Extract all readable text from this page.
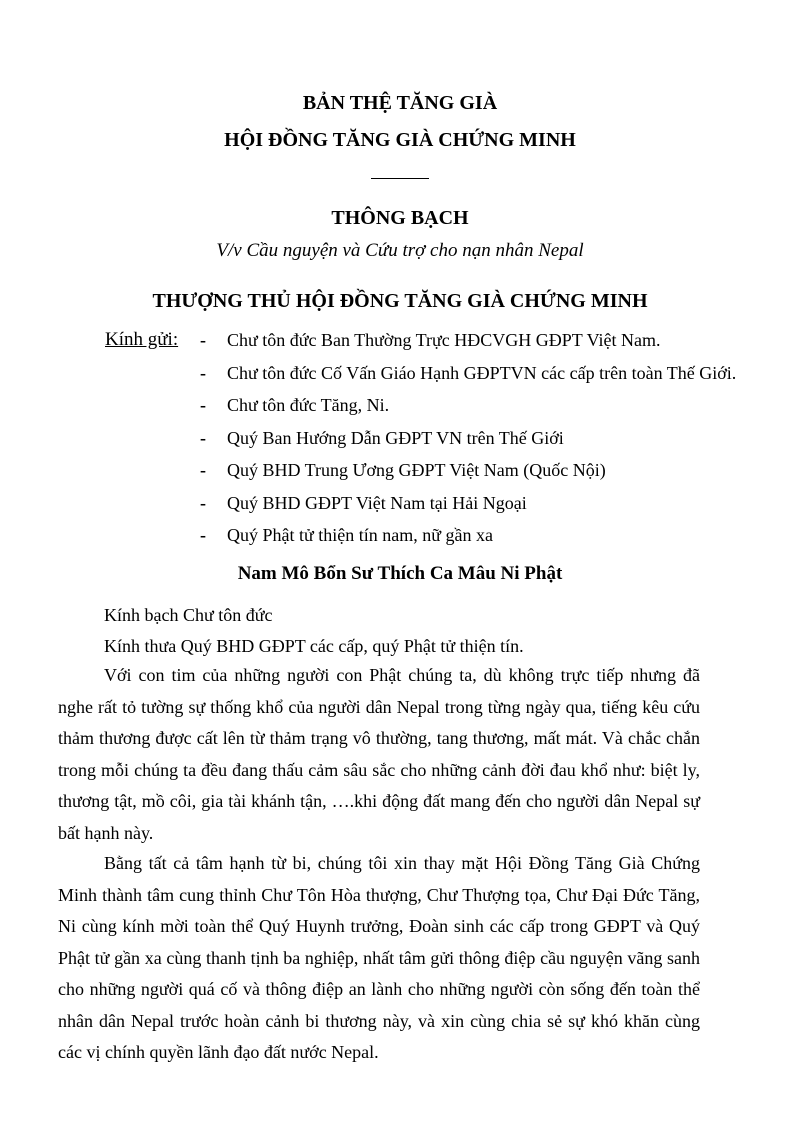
BẢN THỆ TĂNG GIÀ
HỘI ĐỒNG TĂNG GIÀ CHỨNG MINH
THÔNG BẠCH
V/v Cầu nguyện và Cứu trợ cho nạn nhân Nepal
THƯỢNG THỦ HỘI ĐỒNG TĂNG GIÀ CHỨNG MINH
Kính gửi: -	Chư tôn đức Ban Thường Trực HĐCVGH GĐPT Việt Nam.
-	Chư tôn đức Cố Vấn Giáo Hạnh GĐPTVN các cấp trên toàn Thế Giới.
-	Chư tôn đức Tăng, Ni.
-	Quý Ban Hướng Dẫn GĐPT VN trên Thế Giới
-	Quý BHD Trung Ương GĐPT Việt Nam (Quốc Nội)
-	Quý BHD GĐPT Việt Nam tại Hải Ngoại
-	Quý Phật tử thiện tín nam, nữ gần xa
Nam Mô Bổn Sư Thích Ca Mâu Ni Phật

Kính bạch Chư tôn đức

Kính thưa Quý BHD GĐPT các cấp, quý Phật tử thiện tín.

Với con tim của những người con Phật chúng ta, dù không trực tiếp nhưng đã nghe rất tỏ tường sự thống khổ của người dân Nepal trong từng ngày qua, tiếng kêu cứu thảm thương được cất lên từ thảm trạng vô thường, tang thương, mất mát. Và chắc chắn trong mỗi chúng ta đều đang thấu cảm sâu sắc cho những cảnh đời đau khổ như: biệt ly, thương tật, mồ côi, gia tài khánh tận, ….khi động đất mang đến cho người dân Nepal sự bất hạnh này.

Bằng tất cả tâm hạnh từ bi, chúng tôi xin thay mặt Hội Đồng Tăng Già Chứng Minh thành tâm cung thỉnh Chư Tôn Hòa thượng, Chư Thượng tọa, Chư Đại Đức Tăng, Ni cùng kính mời toàn thể Quý Huynh trưởng, Đoàn sinh các cấp trong GĐPT và Quý Phật tử gần xa cùng thanh tịnh ba nghiệp, nhất tâm gửi thông điệp cầu nguyện vãng sanh cho những người quá cố và thông điệp an lành cho những người còn sống đến toàn thể nhân dân Nepal trước hoàn cảnh bi thương này, và xin cùng chia sẻ sự khó khăn cùng các vị chính quyền lãnh đạo đất nước Nepal.
